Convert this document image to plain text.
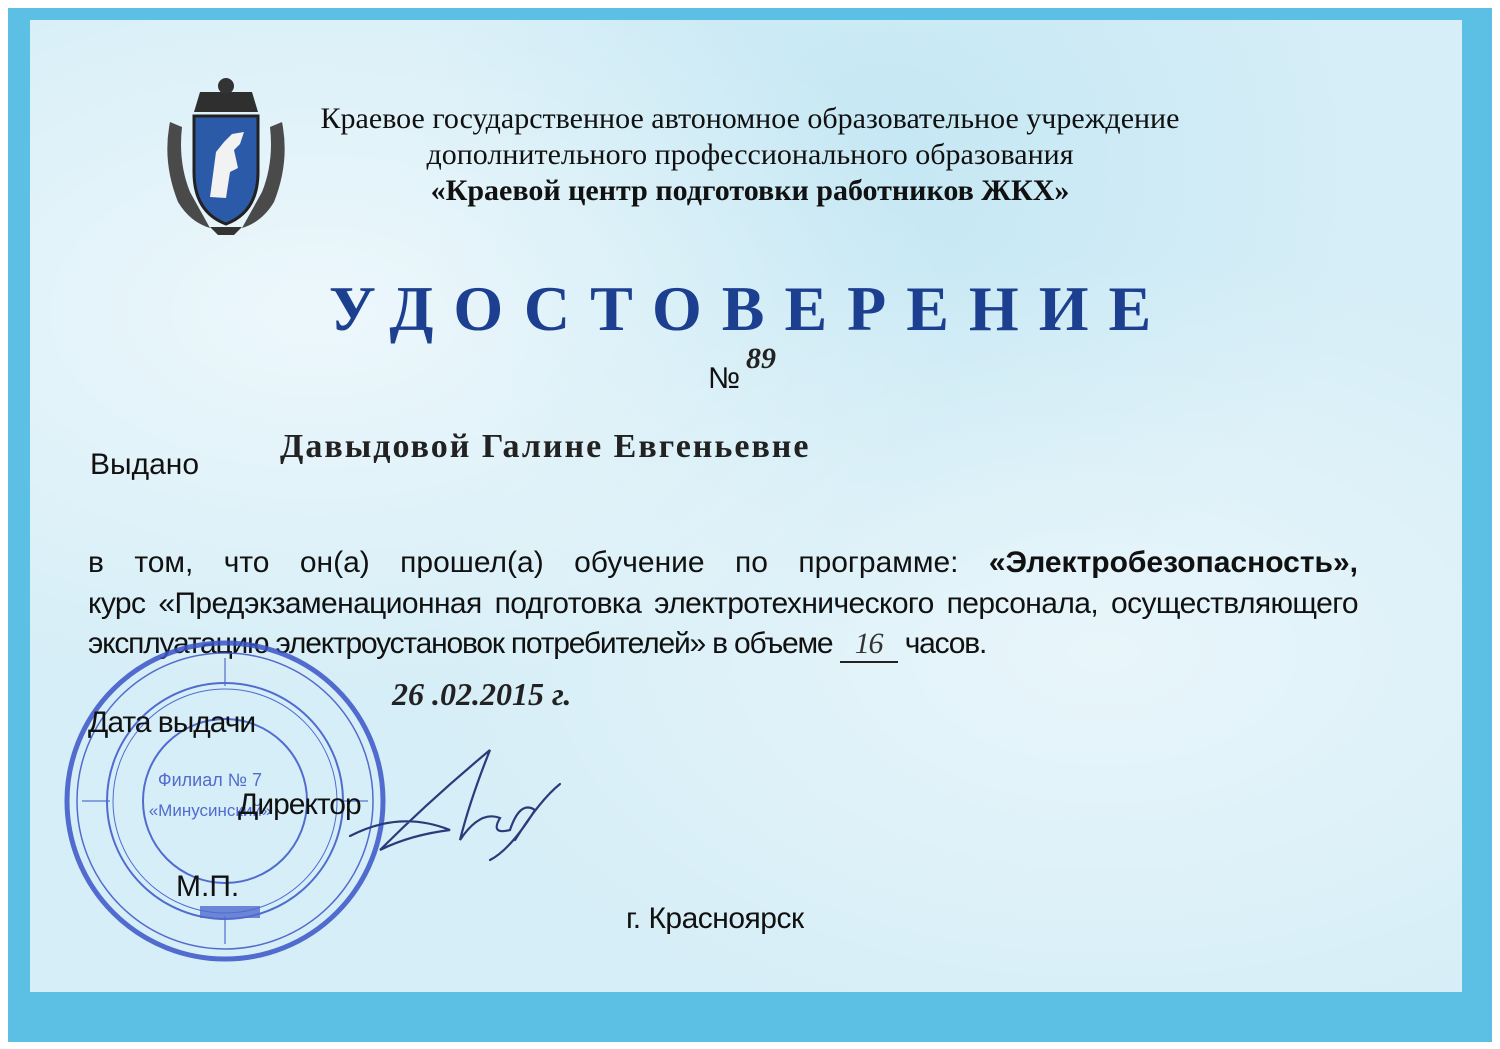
Краевое государственное автономное образовательное учреждение
дополнительного профессионального образования
«Краевой центр подготовки работников ЖКХ»
УДОСТОВЕРЕНИЕ
№
89
Выдано Давыдовой Галине Евгеньевне
в том, что он(а) прошел(а) обучение по программе: «Электробезопасность»,
курс «Предэкзаменационная подготовка электротехнического персонала, осуществляющего
эксплуатацию электроустановок потребителей» в объеме 16 часов.
26 .02.2015 г.
Филиал № 7
«Минусинский»
Дата выдачи
Директор
М.П.
г. Красноярск
